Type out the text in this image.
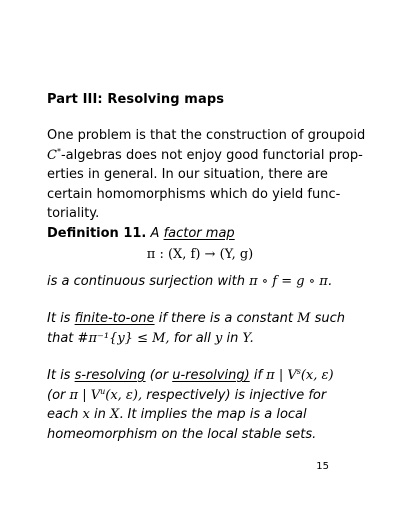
Part III: Resolving maps
One problem is that the construction of groupoid
C*-algebras does not enjoy good functorial prop-
erties in general. In our situation, there are
certain homomorphisms which do yield func-
toriality.
Definition 11. A factor map
π : (X, f) → (Y, g)
is a continuous surjection with π ∘ f = g ∘ π.
It is finite-to-one if there is a constant M such
that #π⁻¹{y} ≤ M, for all y in Y.
It is s-resolving (or u-resolving) if π | $V^s(x$, ε)
(or π | $V^u(x$, ε), respectively) is injective for
each x in X. It implies the map is a local
homeomorphism on the local stable sets.
15
